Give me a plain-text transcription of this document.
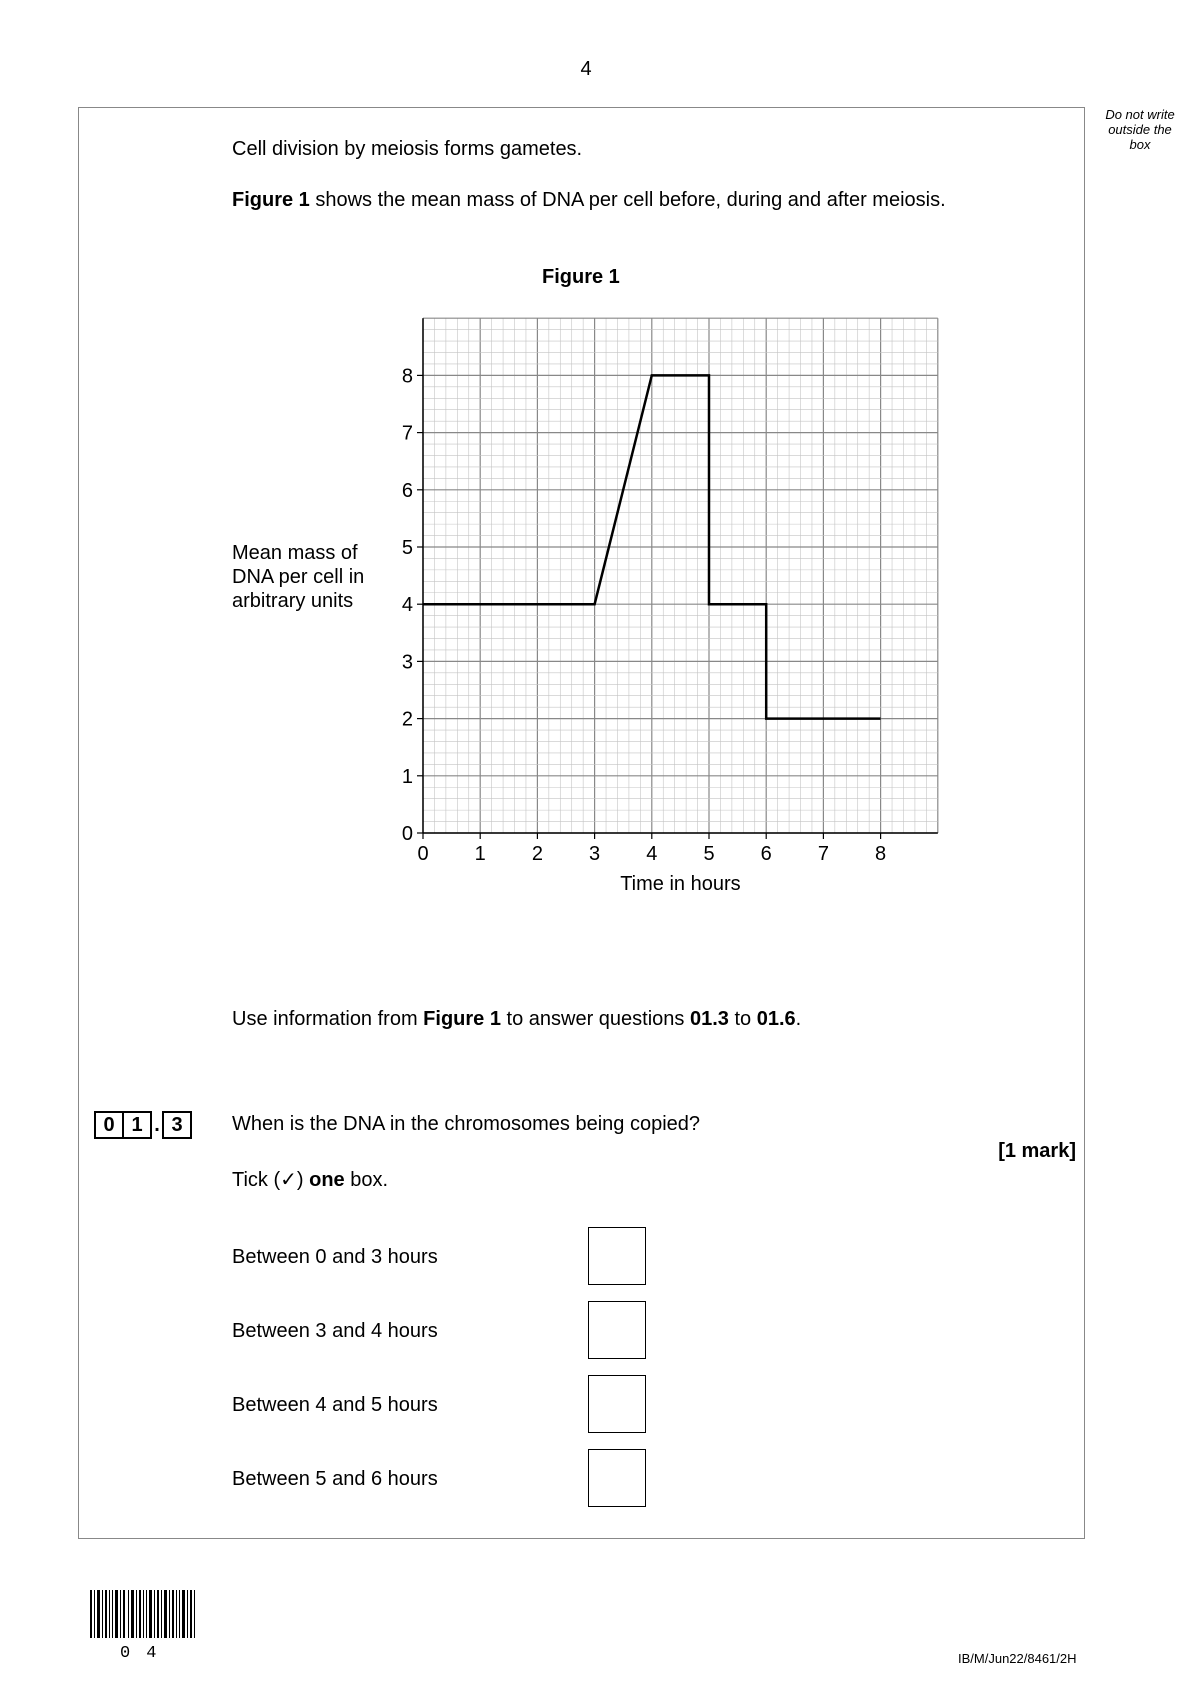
4
Do not write outside the box
Cell division by meiosis forms gametes.
Figure 1 shows the mean mass of DNA per cell before, during and after meiosis.
Figure 1
Mean mass of
DNA per cell in
arbitrary units
0 1 2 3 4 5 6 7 8
0
1
2
3
4
5
6
7
8
Time in hours
Use information from Figure 1 to answer questions 01.3 to 01.6.
0 1 . 3	When is the DNA in the chromosomes being copied?
[1 mark]
Tick (✓) one box.
Between 0 and 3 hours
Between 3 and 4 hours
Between 4 and 5 hours
Between 5 and 6 hours
04	IB/M/Jun22/8461/2H
